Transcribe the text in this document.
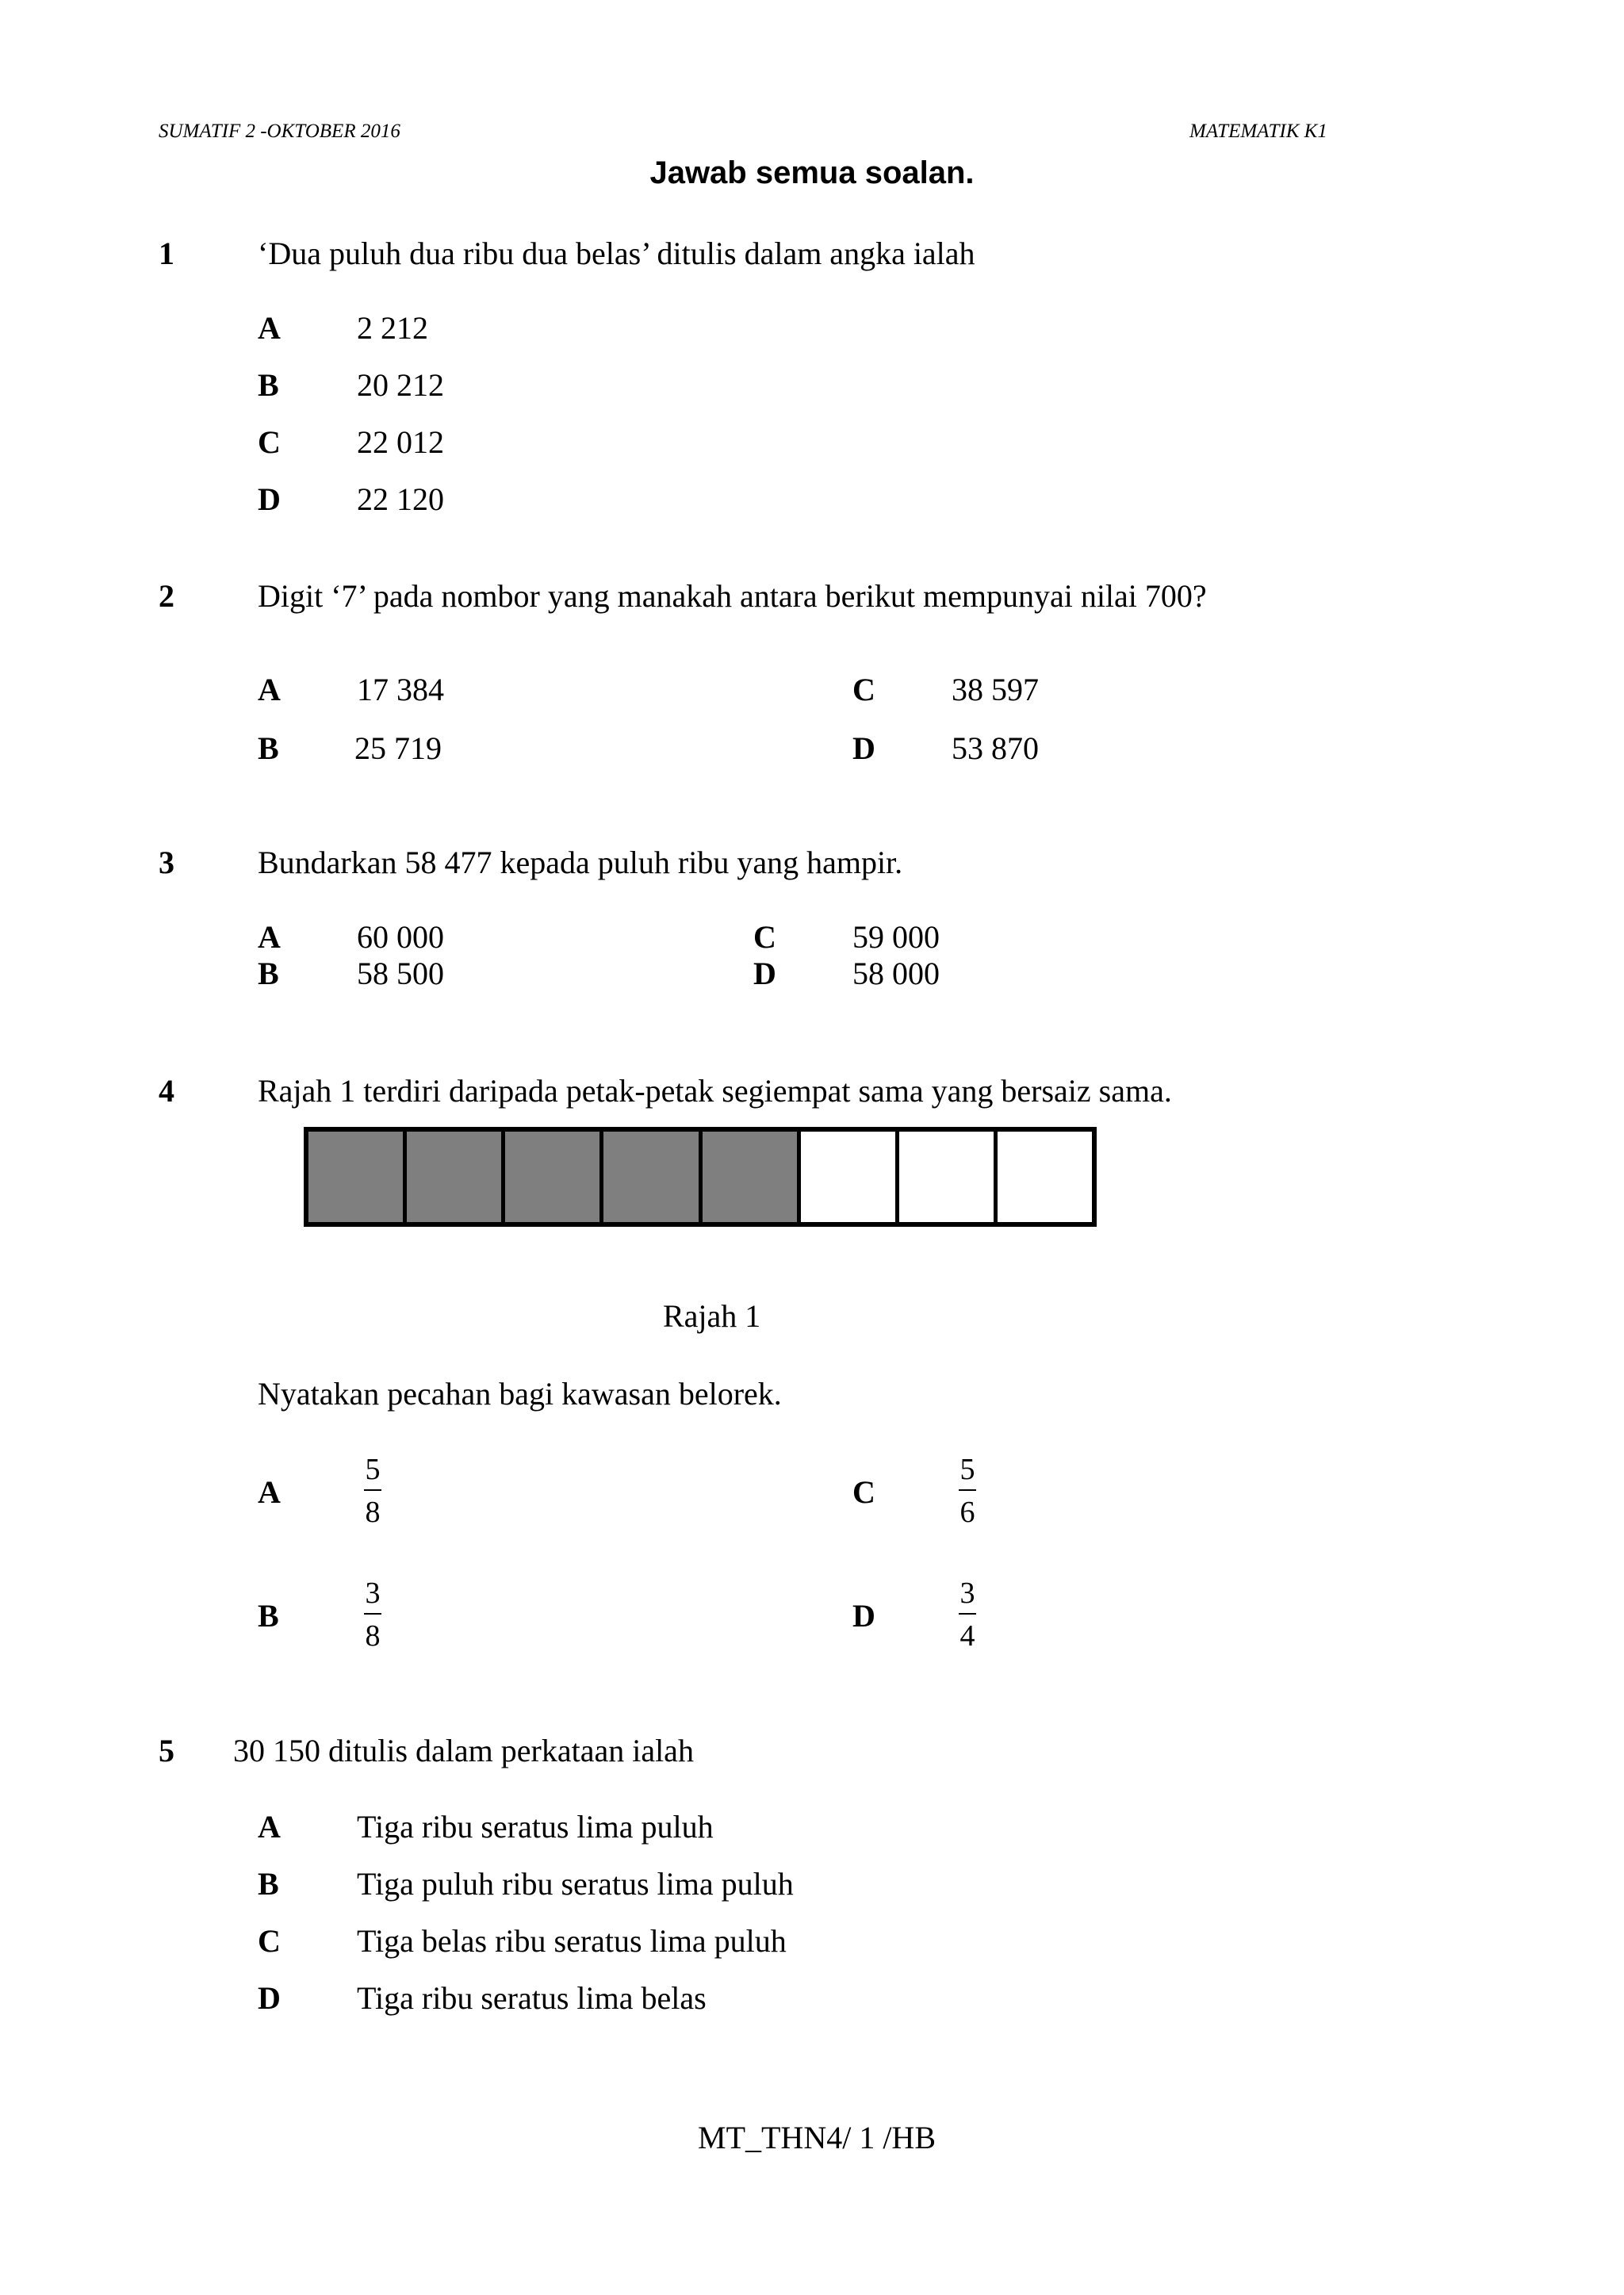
SUMATIF 2 -OKTOBER 2016	MATEMATIK K1
Jawab semua soalan.
1	‘Dua puluh dua ribu dua belas’ ditulis dalam angka ialah
A 2 212
B 20 212
C 22 012
D 22 120
2	Digit ‘7’ pada nombor yang manakah antara berikut mempunyai nilai 700?
A 17 384
B 25 719
C 38 597
D 53 870
3	Bundarkan 58 477 kepada puluh ribu yang hampir.
A 60 000
B 58 500
C 59 000
D 58 000
4	Rajah 1 terdiri daripada petak-petak segiempat sama yang bersaiz sama.
Rajah 1
Nyatakan pecahan bagi kawasan belorek.
A
5
8
B
3
8
C
5
6
D
3
4
5 30 150 ditulis dalam perkataan ialah
A Tiga ribu seratus lima puluh
B Tiga puluh ribu seratus lima puluh
C Tiga belas ribu seratus lima puluh
D Tiga ribu seratus lima belas
MT_THN4/ 1 /HB
